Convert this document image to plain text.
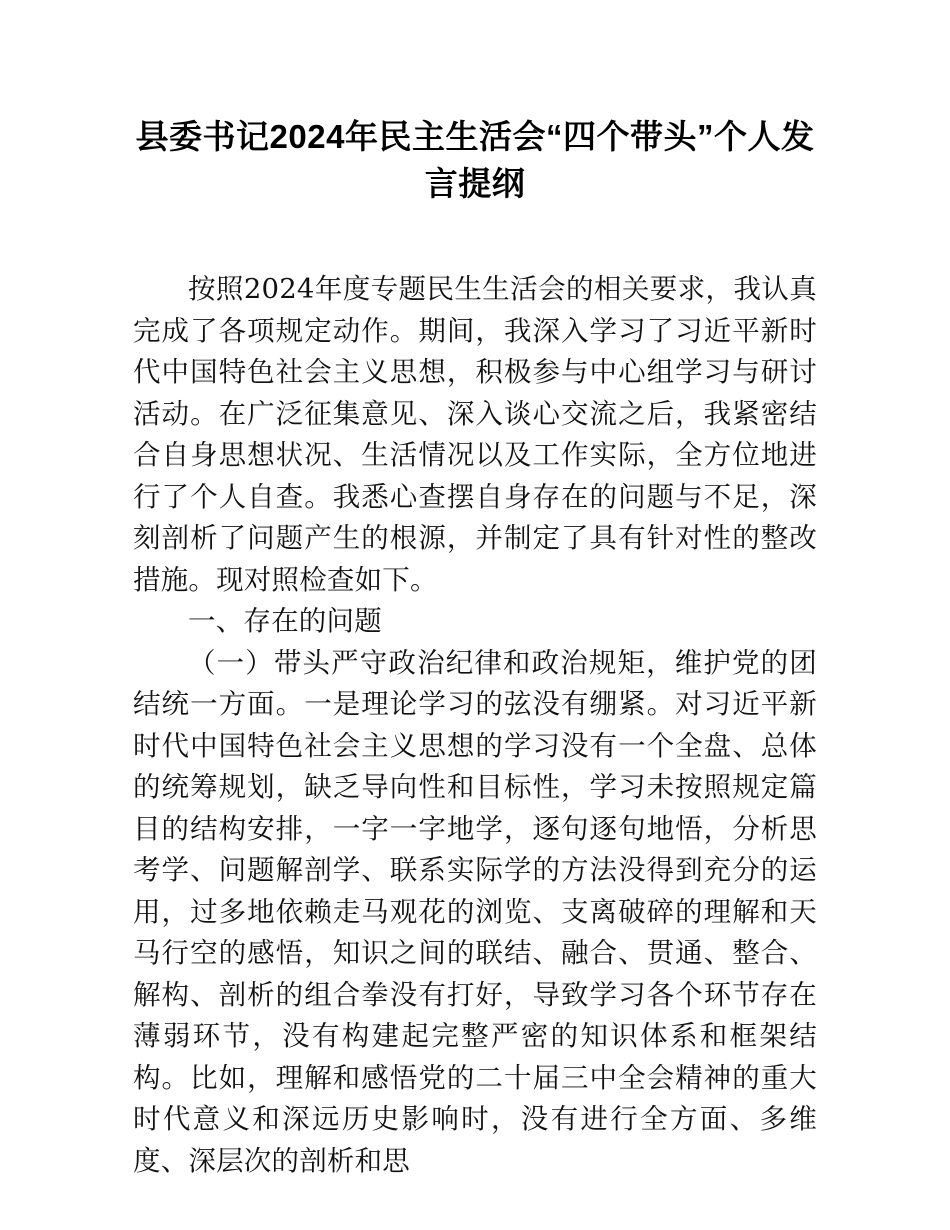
县委书记2024年民主生活会“四个带头”个人发言提纲

按照2024年度专题民生生活会的相关要求，我认真完成了各项规定动作。期间，我深入学习了习近平新时代中国特色社会主义思想，积极参与中心组学习与研讨活动。在广泛征集意见、深入谈心交流之后，我紧密结合自身思想状况、生活情况以及工作实际，全方位地进行了个人自查。我悉心查摆自身存在的问题与不足，深刻剖析了问题产生的根源，并制定了具有针对性的整改措施。现对照检查如下。

一、存在的问题

（一）带头严守政治纪律和政治规矩，维护党的团结统一方面。一是理论学习的弦没有绷紧。对习近平新时代中国特色社会主义思想的学习没有一个全盘、总体的统筹规划，缺乏导向性和目标性，学习未按照规定篇目的结构安排，一字一字地学，逐句逐句地悟，分析思考学、问题解剖学、联系实际学的方法没得到充分的运用，过多地依赖走马观花的浏览、支离破碎的理解和天马行空的感悟，知识之间的联结、融合、贯通、整合、解构、剖析的组合拳没有打好，导致学习各个环节存在薄弱环节，没有构建起完整严密的知识体系和框架结构。比如，理解和感悟党的二十届三中全会精神的重大时代意义和深远历史影响时，没有进行全方面、多维度、深层次的剖析和思
